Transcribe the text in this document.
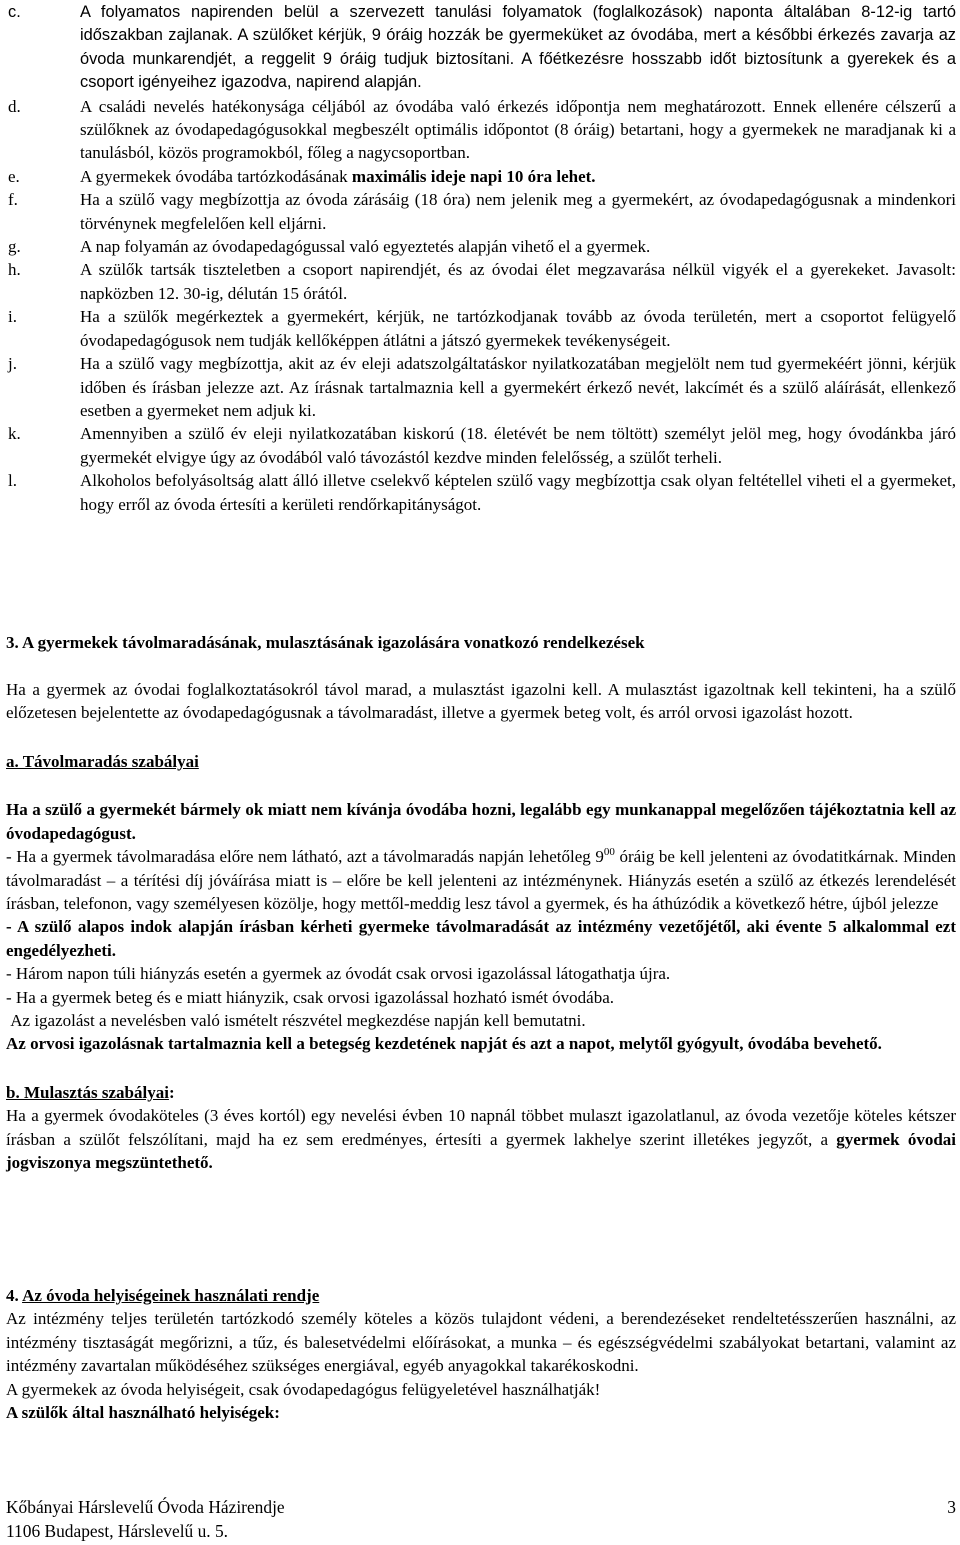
c.	A folyamatos napirenden belül a szervezett tanulási folyamatok (foglalkozások) naponta általában 8-12-ig tartó időszakban zajlanak. A szülőket kérjük, 9 óráig hozzák be gyermeküket az óvodába, mert a későbbi érkezés zavarja az óvoda munkarendjét, a reggelit 9 óráig tudjuk biztosítani. A főétkezésre hosszabb időt biztosítunk a gyerekek és a csoport igényeihez igazodva, napirend alapján.
d.	A családi nevelés hatékonysága céljából az óvodába való érkezés időpontja nem meghatározott. Ennek ellenére célszerű a szülőknek az óvodapedagógusokkal megbeszélt optimális időpontot (8 óráig) betartani, hogy a gyermekek ne maradjanak ki a tanulásból, közös programokból, főleg a nagycsoportban.
e.	A gyermekek óvodába tartózkodásának maximális ideje napi 10 óra lehet.
f.	Ha a szülő vagy megbízottja az óvoda zárásáig (18 óra) nem jelenik meg a gyermekért, az óvodapedagógusnak a mindenkori törvénynek megfelelően kell eljárni.
g.	A nap folyamán az óvodapedagógussal való egyeztetés alapján vihető el a gyermek.
h.	A szülők tartsák tiszteletben a csoport napirendjét, és az óvodai élet megzavarása nélkül vigyék el a gyerekeket. Javasolt: napközben 12. 30-ig, délután 15 órától.
i.	Ha a szülők megérkeztek a gyermekért, kérjük, ne tartózkodjanak tovább az óvoda területén, mert a csoportot felügyelő óvodapedagógusok nem tudják kellőképpen átlátni a játszó gyermekek tevékenységeit.
j.	Ha a szülő vagy megbízottja, akit az év eleji adatszolgáltatáskor nyilatkozatában megjelölt nem tud gyermekéért jönni, kérjük időben és írásban jelezze azt. Az írásnak tartalmaznia kell a gyermekért érkező nevét, lakcímét és a szülő aláírását, ellenkező esetben a gyermeket nem adjuk ki.
k.	Amennyiben a szülő év eleji nyilatkozatában kiskorú (18. életévét be nem töltött) személyt jelöl meg, hogy óvodánkba járó gyermekét elvigye úgy az óvodából való távozástól kezdve minden felelősség, a szülőt terheli.
l.	Alkoholos befolyásoltság alatt álló illetve cselekvő képtelen szülő vagy megbízottja csak olyan feltétellel viheti el a gyermeket, hogy erről az óvoda értesíti a kerületi rendőrkapitányságot.

3. A gyermekek távolmaradásának, mulasztásának igazolására vonatkozó rendelkezések

Ha a gyermek az óvodai foglalkoztatásokról távol marad, a mulasztást igazolni kell. A mulasztást igazoltnak kell tekinteni, ha a szülő előzetesen bejelentette az óvodapedagógusnak a távolmaradást, illetve a gyermek beteg volt, és arról orvosi igazolást hozott.

a. Távolmaradás szabályai

Ha a szülő a gyermekét bármely ok miatt nem kívánja óvodába hozni, legalább egy munkanappal megelőzően tájékoztatnia kell az óvodapedagógust.

- Ha a gyermek távolmaradása előre nem látható, azt a távolmaradás napján lehetőleg $9^{00}$ óráig be kell jelenteni az óvodatitkárnak. Minden távolmaradást – a térítési díj jóváírása miatt is – előre be kell jelenteni az intézménynek. Hiányzás esetén a szülő az étkezés lerendelését írásban, telefonon, vagy személyesen közölje, hogy mettől-meddig lesz távol a gyermek, és ha áthúzódik a következő hétre, újból jelezze

- A szülő alapos indok alapján írásban kérheti gyermeke távolmaradását az intézmény vezetőjétől, aki évente 5 alkalommal ezt engedélyezheti.

- Három napon túli hiányzás esetén a gyermek az óvodát csak orvosi igazolással látogathatja újra.

- Ha a gyermek beteg és e miatt hiányzik, csak orvosi igazolással hozható ismét óvodába.

Az igazolást a nevelésben való ismételt részvétel megkezdése napján kell bemutatni.

Az orvosi igazolásnak tartalmaznia kell a betegség kezdetének napját és azt a napot, melytől gyógyult, óvodába bevehető.

b. Mulasztás szabályai:

Ha a gyermek óvodaköteles (3 éves kortól) egy nevelési évben 10 napnál többet mulaszt igazolatlanul, az óvoda vezetője köteles kétszer írásban a szülőt felszólítani, majd ha ez sem eredményes, értesíti a gyermek lakhelye szerint illetékes jegyzőt, a gyermek óvodai jogviszonya megszüntethető.

4. Az óvoda helyiségeinek használati rendje

Az intézmény teljes területén tartózkodó személy köteles a közös tulajdont védeni, a berendezéseket rendeltetésszerűen használni, az intézmény tisztaságát megőrizni, a tűz, és balesetvédelmi előírásokat, a munka – és egészségvédelmi szabályokat betartani, valamint az intézmény zavartalan működéséhez szükséges energiával, egyéb anyagokkal takarékoskodni.

A gyermekek az óvoda helyiségeit, csak óvodapedagógus felügyeletével használhatják!

A szülők által használható helyiségek:

Kőbányai Hárslevelű Óvoda Házirendje	3
1106 Budapest, Hárslevelű u. 5.
